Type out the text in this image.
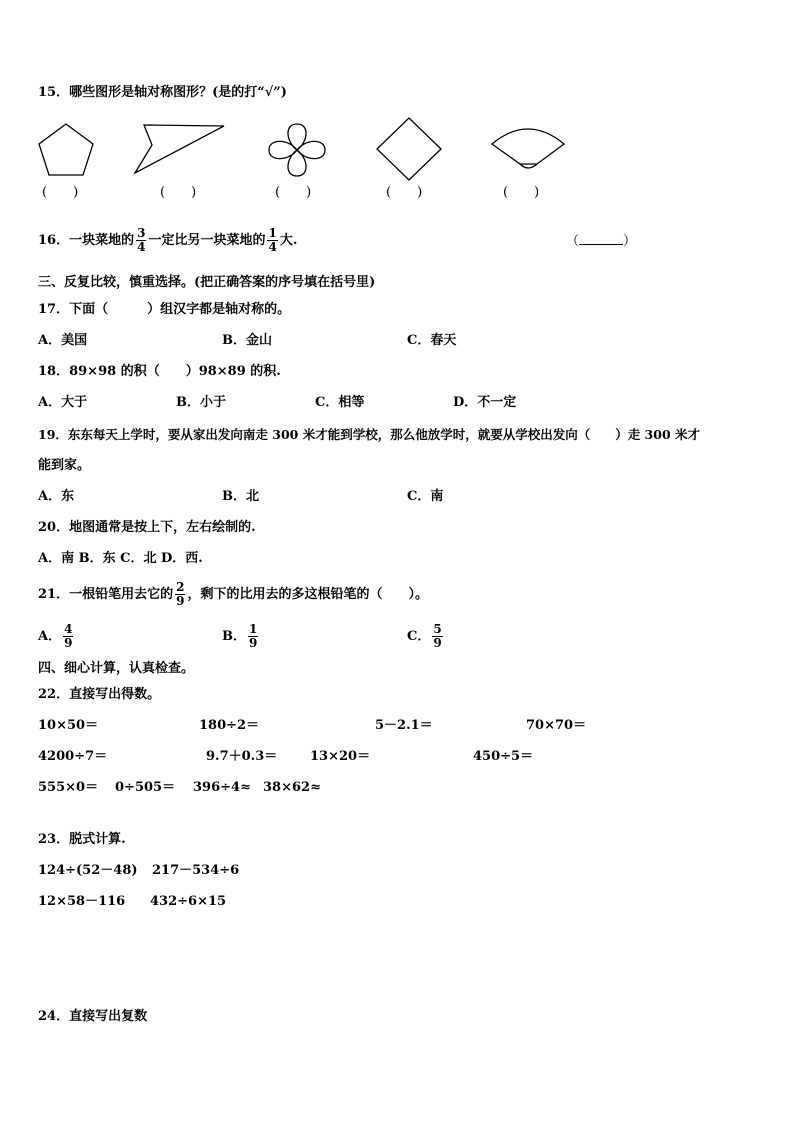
15．哪些图形是轴对称图形？(是的打“√”)
(　　)	(　　)	(　　)	(　　)	(　　)
16．一块菜地的 $\frac{3}{4}$ 一定比另一块菜地的 $\frac{1}{4}$ 大.	（	）
三、反复比较，慎重选择。(把正确答案的序号填在括号里)
17．下面（　　　）组汉字都是轴对称的。
A．美国	B．金山	C．春天
18．89×98 的积（　　）98×89 的积.
A．大于	B．小于	C．相等	D．不一定
19．东东每天上学时，要从家出发向南走 300 米才能到学校，那么他放学时，就要从学校出发向（　　）走 300 米才
能到家。
A．东	B．北	C．南
20．地图通常是按上下，左右绘制的.
A．南 B．东 C．北 D．西.
21．一根铅笔用去它的 $\frac{2}{9}$ ，剩下的比用去的多这根铅笔的（　　）。
A． $\frac{4}{9}$	B． $\frac{1}{9}$	C． $\frac{5}{9}$
四、细心计算，认真检查。
22．直接写出得数。
10×50＝	180÷2＝	5－2.1＝	70×70＝
4200÷7＝	9.7＋0.3＝	13×20＝	450÷5＝
555×0＝ 0÷505＝ 396÷4≈ 38×62≈
23．脱式计算.
124÷(52－48) 217－534÷6
12×58－116 432÷6×15
24．直接写出复数
